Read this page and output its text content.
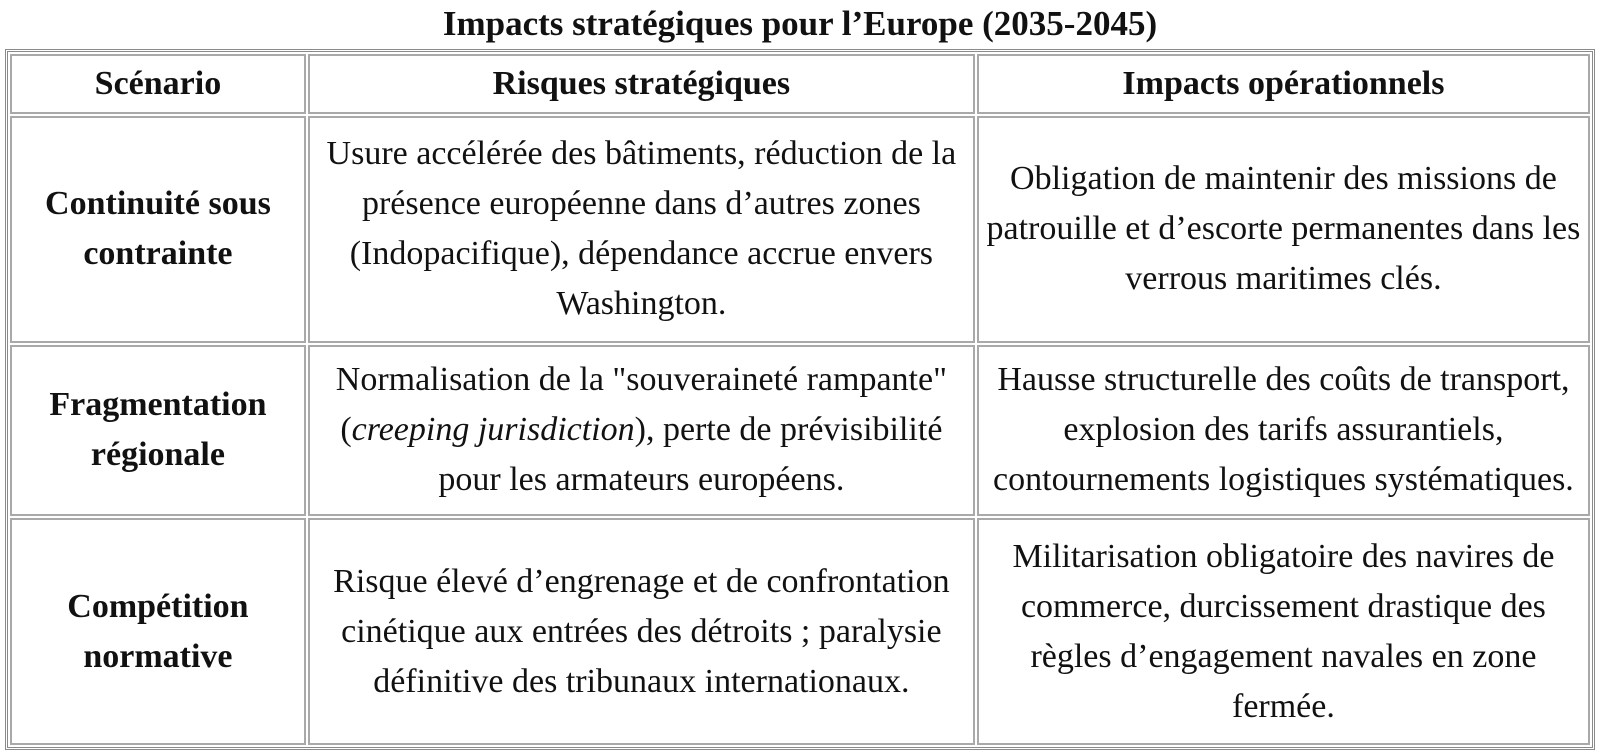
Impacts stratégiques pour l’Europe (2035-2045)
Scénario	Risques stratégiques	Impacts opérationnels
Continuité sous contrainte	Usure accélérée des bâtiments, réduction de la présence européenne dans d’autres zones (Indopacifique), dépendance accrue envers Washington.	Obligation de maintenir des missions de patrouille et d’escorte permanentes dans les verrous maritimes clés.
Fragmentation régionale	Normalisation de la "souveraineté rampante" (creeping jurisdiction), perte de prévisibilité pour les armateurs européens.	Hausse structurelle des coûts de transport, explosion des tarifs assurantiels, contournements logistiques systématiques.
Compétition normative	Risque élevé d’engrenage et de confrontation cinétique aux entrées des détroits ; paralysie définitive des tribunaux internationaux.	Militarisation obligatoire des navires de commerce, durcissement drastique des règles d’engagement navales en zone fermée.
